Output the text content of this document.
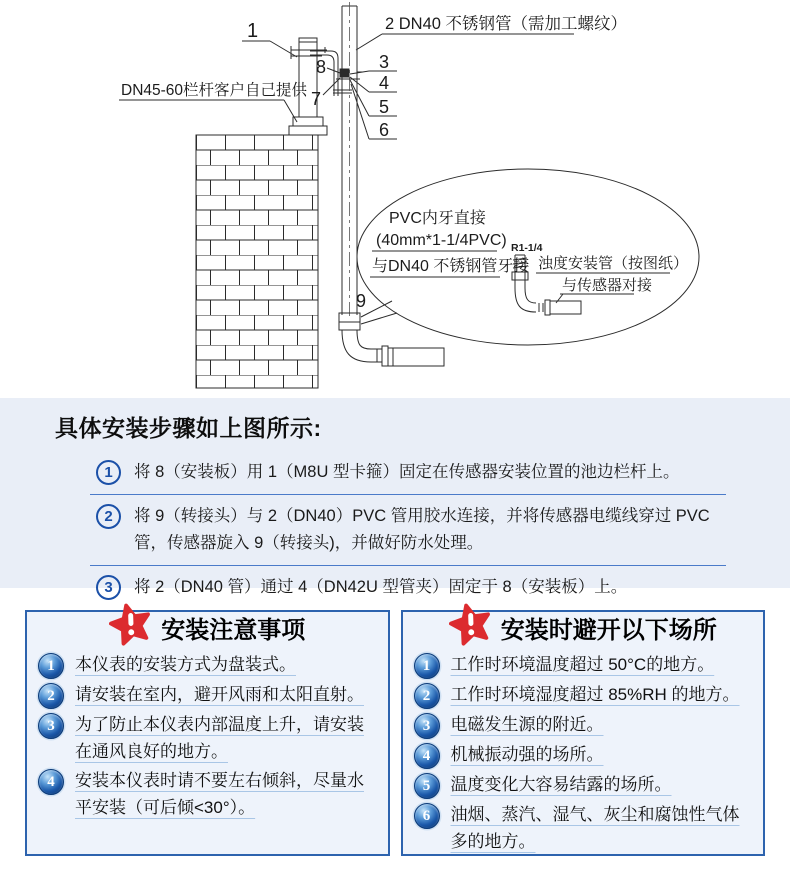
1	2 DN40 不锈钢管（需加工螺纹）
3
4
5
6
7
8
9
DN45-60栏杆客户自己提供
PVC内牙直接
(40mm*1-1/4PVC)
与DN40 不锈钢管牙接
R1-1/4
浊度安装管（按图纸）
与传感器对接
具体安装步骤如上图所示:
1	将 8（安装板）用 1（M8U 型卡箍）固定在传感器安装位置的池边栏杆上。

2	将 9（转接头）与 2（DN40）PVC 管用胶水连接，并将传感器电缆线穿过 PVC 管，传感器旋入 9（转接头)，并做好防水处理。

3	将 2（DN40 管）通过 4（DN42U 型管夹）固定于 8（安装板）上。

安装注意事项
1	本仪表的安装方式为盘装式。

2	请安装在室内，避开风雨和太阳直射。

3	为了防止本仪表内部温度上升，请安装在通风良好的地方。

4	安装本仪表时请不要左右倾斜，尽量水平安装（可后倾<30°）。

安装时避开以下场所
1	工作时环境温度超过 50°C的地方。

2	工作时环境湿度超过 85%RH 的地方。

3	电磁发生源的附近。

4	机械振动强的场所。

5	温度变化大容易结露的场所。

6	油烟、蒸汽、湿气、灰尘和腐蚀性气体多的地方。
